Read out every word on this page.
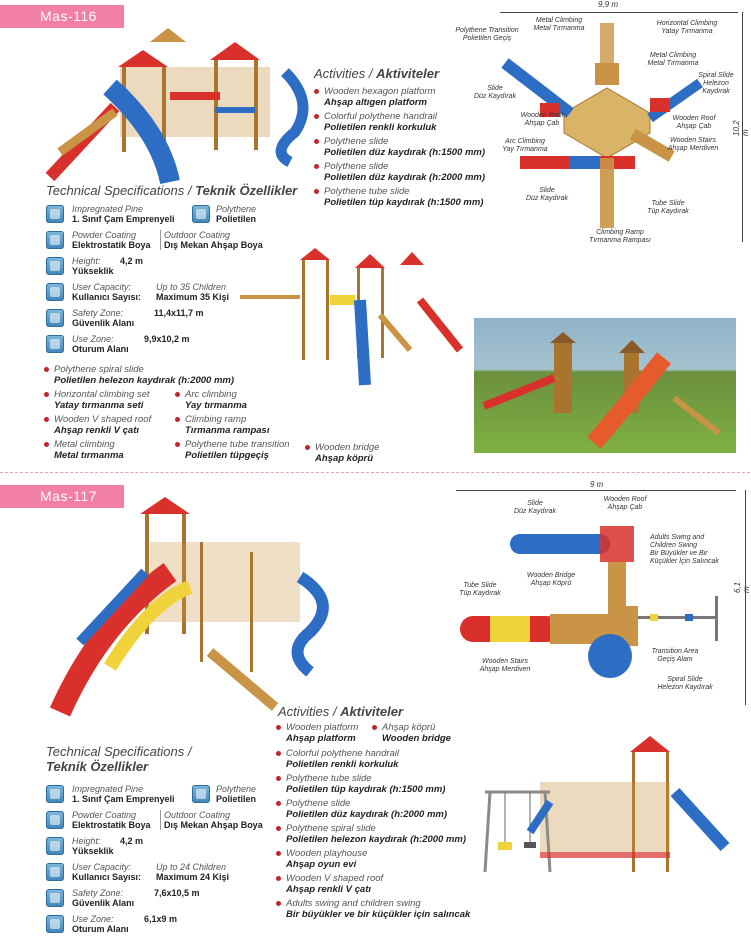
Mas-116
Activities / Aktiviteler
Wooden hexagon platform
Ahşap altıgen platform
Colorful polythene handrail
Polietilen renkli korkuluk
Polythene slide
Polietilen düz kaydırak (h:1500 mm)
Polythene slide
Polietilen düz kaydırak (h:2000 mm)
Polythene tube slide
Polietilen tüp kaydırak (h:1500 mm)
9,9 m
10,2 m
Polythene Transition
Polietilen Geçiş
Metal Climbing
Metal Tırmanma
Horizontal Climbing
Yatay Tırmanma
Metal Climbing
Metal Tırmanma
Spiral Slide
Helezon Kaydırak
Slide
Düz Kaydırak
Wooden Roof
Ahşap Çab
Wooden Roof
Ahşap Çab
Arc Climbing
Yay Tırmanma
Wooden Stairs
Ahşap Merdiven
Slide
Düz Kaydırak
Tube Slide
Tüp Kaydırak
Climbing Ramp
Tırmanma Rampası
Technical Specifications / Teknik Özellikler
Impregnated Pine
1. Sınıf Çam Emprenyeli
Polythene
Polietilen
Powder Coating
Elektrostatik Boya
Outdoor Coating
Dış Mekan Ahşap Boya
Height:
Yükseklik
4,2 m
User Capacity:
Kullanıcı Sayısı:
Up to 35 Children
Maximum 35 Kişi
Safety Zone:
Güvenlik Alanı
11,4x11,7 m
Use Zone:
Oturum Alanı
9,9x10,2 m
Polythene spiral slide
Polietilen helezon kaydırak (h:2000 mm)
Horizontal climbing set
Yatay tırmanma seti
Wooden V shaped roof
Ahşap renkli V çatı
Metal climbing
Metal tırmanma
Arc climbing
Yay tırmanma
Climbing ramp
Tırmanma rampası
Polythene tube transition
Polietilen tüpgeçiş
Wooden bridge
Ahşap köprü
Mas-117
9 m
6,1 m
Slide
Düz Kaydırak
Wooden Roof
Ahşap Çab
Adults Swing and Children Swing
Bir Büyükler ve Bir Küçükler İçin Salıncak
Tube Slide
Tüp Kaydırak
Wooden Bridge
Ahşap Köprü
Transition Area
Geçiş Alanı
Wooden Stairs
Ahşap Merdiven
Spiral Slide
Helezon Kaydırak
Activities / Aktiviteler
Wooden platform
Ahşap platform
Ahşap köprü
Wooden bridge
Colorful polythene handrail
Polietilen renkli korkuluk
Polythene tube slide
Polietilen tüp kaydırak (h:1500 mm)
Polythene slide
Polietilen düz kaydırak (h:2000 mm)
Polythene spiral slide
Polietilen helezon kaydırak (h:2000 mm)
Wooden playhouse
Ahşap oyun evi
Wooden V shaped roof
Ahşap renkli V çatı
Adults swing and children swing
Bir büyükler ve bir küçükler için salıncak
Technical Specifications /
Teknik Özellikler
Impregnated Pine
1. Sınıf Çam Emprenyeli
Polythene
Polietilen
Powder Coating
Elektrostatik Boya
Outdoor Coating
Dış Mekan Ahşap Boya
Height:
Yükseklik
4,2 m
User Capacity:
Kullanıcı Sayısı:
Up to 24 Children
Maximum 24 Kişi
Safety Zone:
Güvenlik Alanı
7,6x10,5 m
Use Zone:
Oturum Alanı
6,1x9 m
